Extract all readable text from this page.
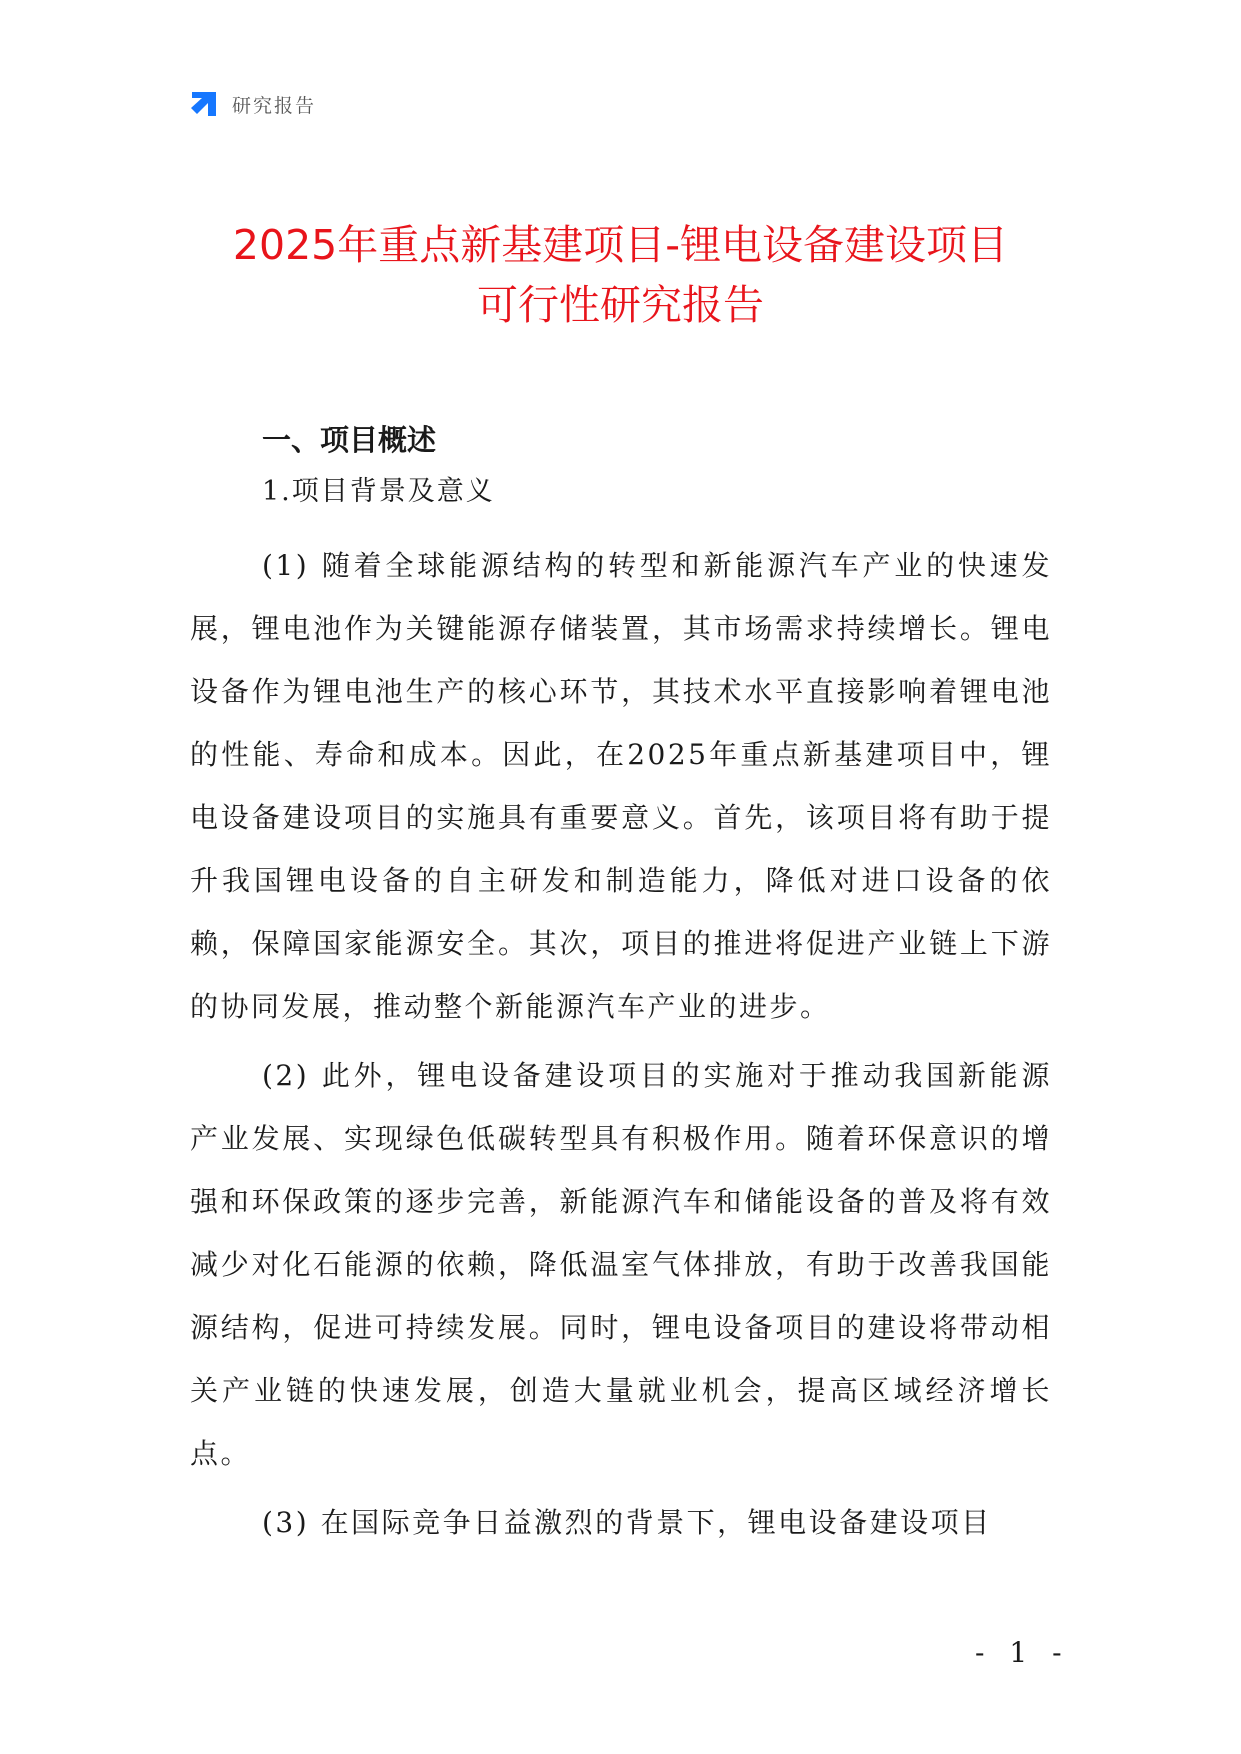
研究报告
2025年重点新基建项目-锂电设备建设项目
可行性研究报告
一、项目概述
1.项目背景及意义

(1) 随着全球能源结构的转型和新能源汽车产业的快速发展，锂电池作为关键能源存储装置，其市场需求持续增长。锂电设备作为锂电池生产的核心环节，其技术水平直接影响着锂电池的性能、寿命和成本。因此，在2025年重点新基建项目中，锂电设备建设项目的实施具有重要意义。首先，该项目将有助于提升我国锂电设备的自主研发和制造能力，降低对进口设备的依赖，保障国家能源安全。其次，项目的推进将促进产业链上下游的协同发展，推动整个新能源汽车产业的进步。

(2) 此外，锂电设备建设项目的实施对于推动我国新能源产业发展、实现绿色低碳转型具有积极作用。随着环保意识的增强和环保政策的逐步完善，新能源汽车和储能设备的普及将有效减少对化石能源的依赖，降低温室气体排放，有助于改善我国能源结构，促进可持续发展。同时，锂电设备项目的建设将带动相关产业链的快速发展，创造大量就业机会，提高区域经济增长点。

(3) 在国际竞争日益激烈的背景下，锂电设备建设项目

- 1 -
